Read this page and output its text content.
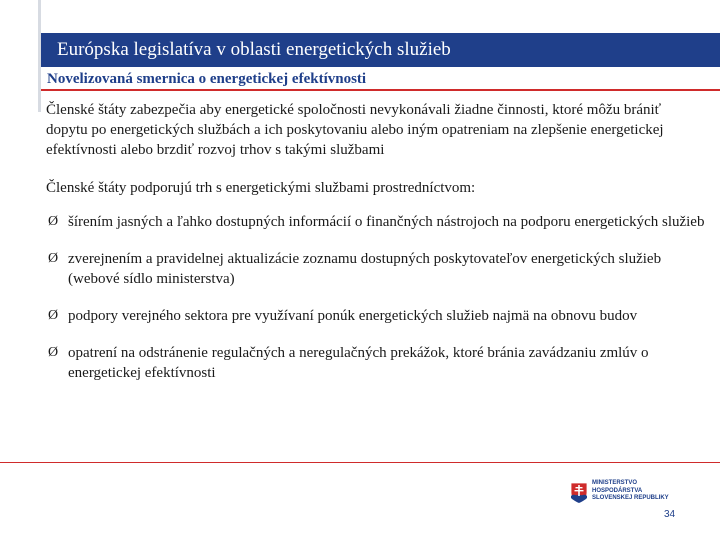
Európska legislatíva v oblasti energetických služieb
Novelizovaná smernica o energetickej efektívnosti

Členské štáty zabezpečia aby energetické spoločnosti nevykonávali žiadne činnosti, ktoré môžu brániť dopytu po energetických službách a ich poskytovaniu alebo iným opatreniam na zlepšenie energetickej efektívnosti alebo brzdiť rozvoj trhov s takými službami

Členské štáty podporujú trh s energetickými službami prostredníctvom:

Ø šírením jasných a ľahko dostupných informácií o finančných nástrojoch na podporu energetických služieb
Ø zverejnením a pravidelnej aktualizácie zoznamu dostupných poskytovateľov energetických služieb (webové sídlo ministerstva)
Ø podpory verejného sektora pre využívaní ponúk energetických služieb najmä na obnovu budov
Ø opatrení na odstránenie regulačných a neregulačných prekážok, ktoré bránia zavádzaniu zmlúv o energetickej efektívnosti
MINISTERSTVO
HOSPODÁRSTVA
SLOVENSKEJ REPUBLIKY
34
